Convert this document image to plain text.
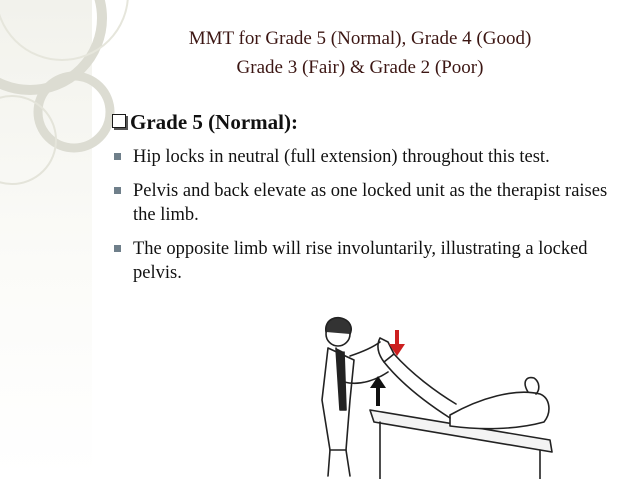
MMT for Grade 5 (Normal), Grade 4 (Good)
Grade 3 (Fair) & Grade 2 (Poor)
Grade 5 (Normal):
Hip locks in neutral (full extension) throughout this test.
Pelvis and back elevate as one locked unit as the therapist raises the limb.
The opposite limb will rise involuntarily, illustrating a locked pelvis.
